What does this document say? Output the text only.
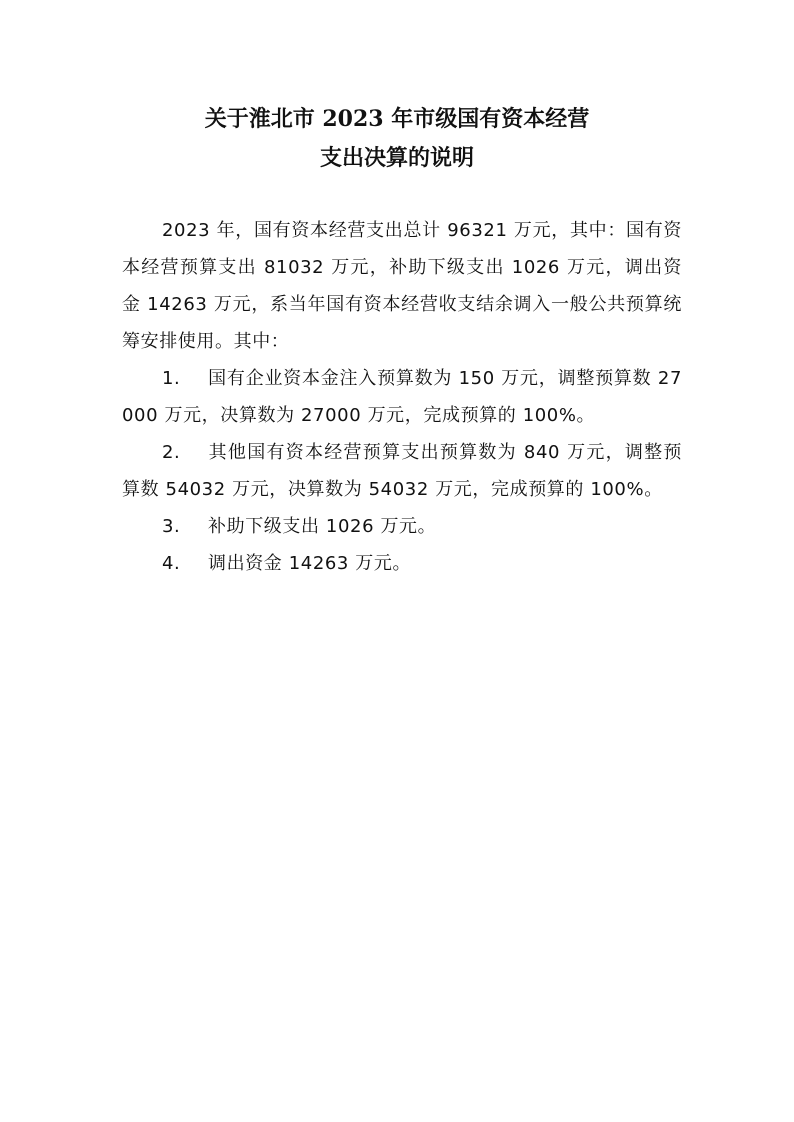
关于淮北市 2023 年市级国有资本经营
支出决算的说明

2023 年，国有资本经营支出总计 96321 万元，其中：国有资本经营预算支出 81032 万元，补助下级支出 1026 万元，调出资金 14263 万元，系当年国有资本经营收支结余调入一般公共预算统筹安排使用。其中：

1. 国有企业资本金注入预算数为 150 万元，调整预算数 27000 万元，决算数为 27000 万元，完成预算的 100%。

2. 其他国有资本经营预算支出预算数为 840 万元，调整预算数 54032 万元，决算数为 54032 万元，完成预算的 100%。

3. 补助下级支出 1026 万元。

4. 调出资金 14263 万元。
